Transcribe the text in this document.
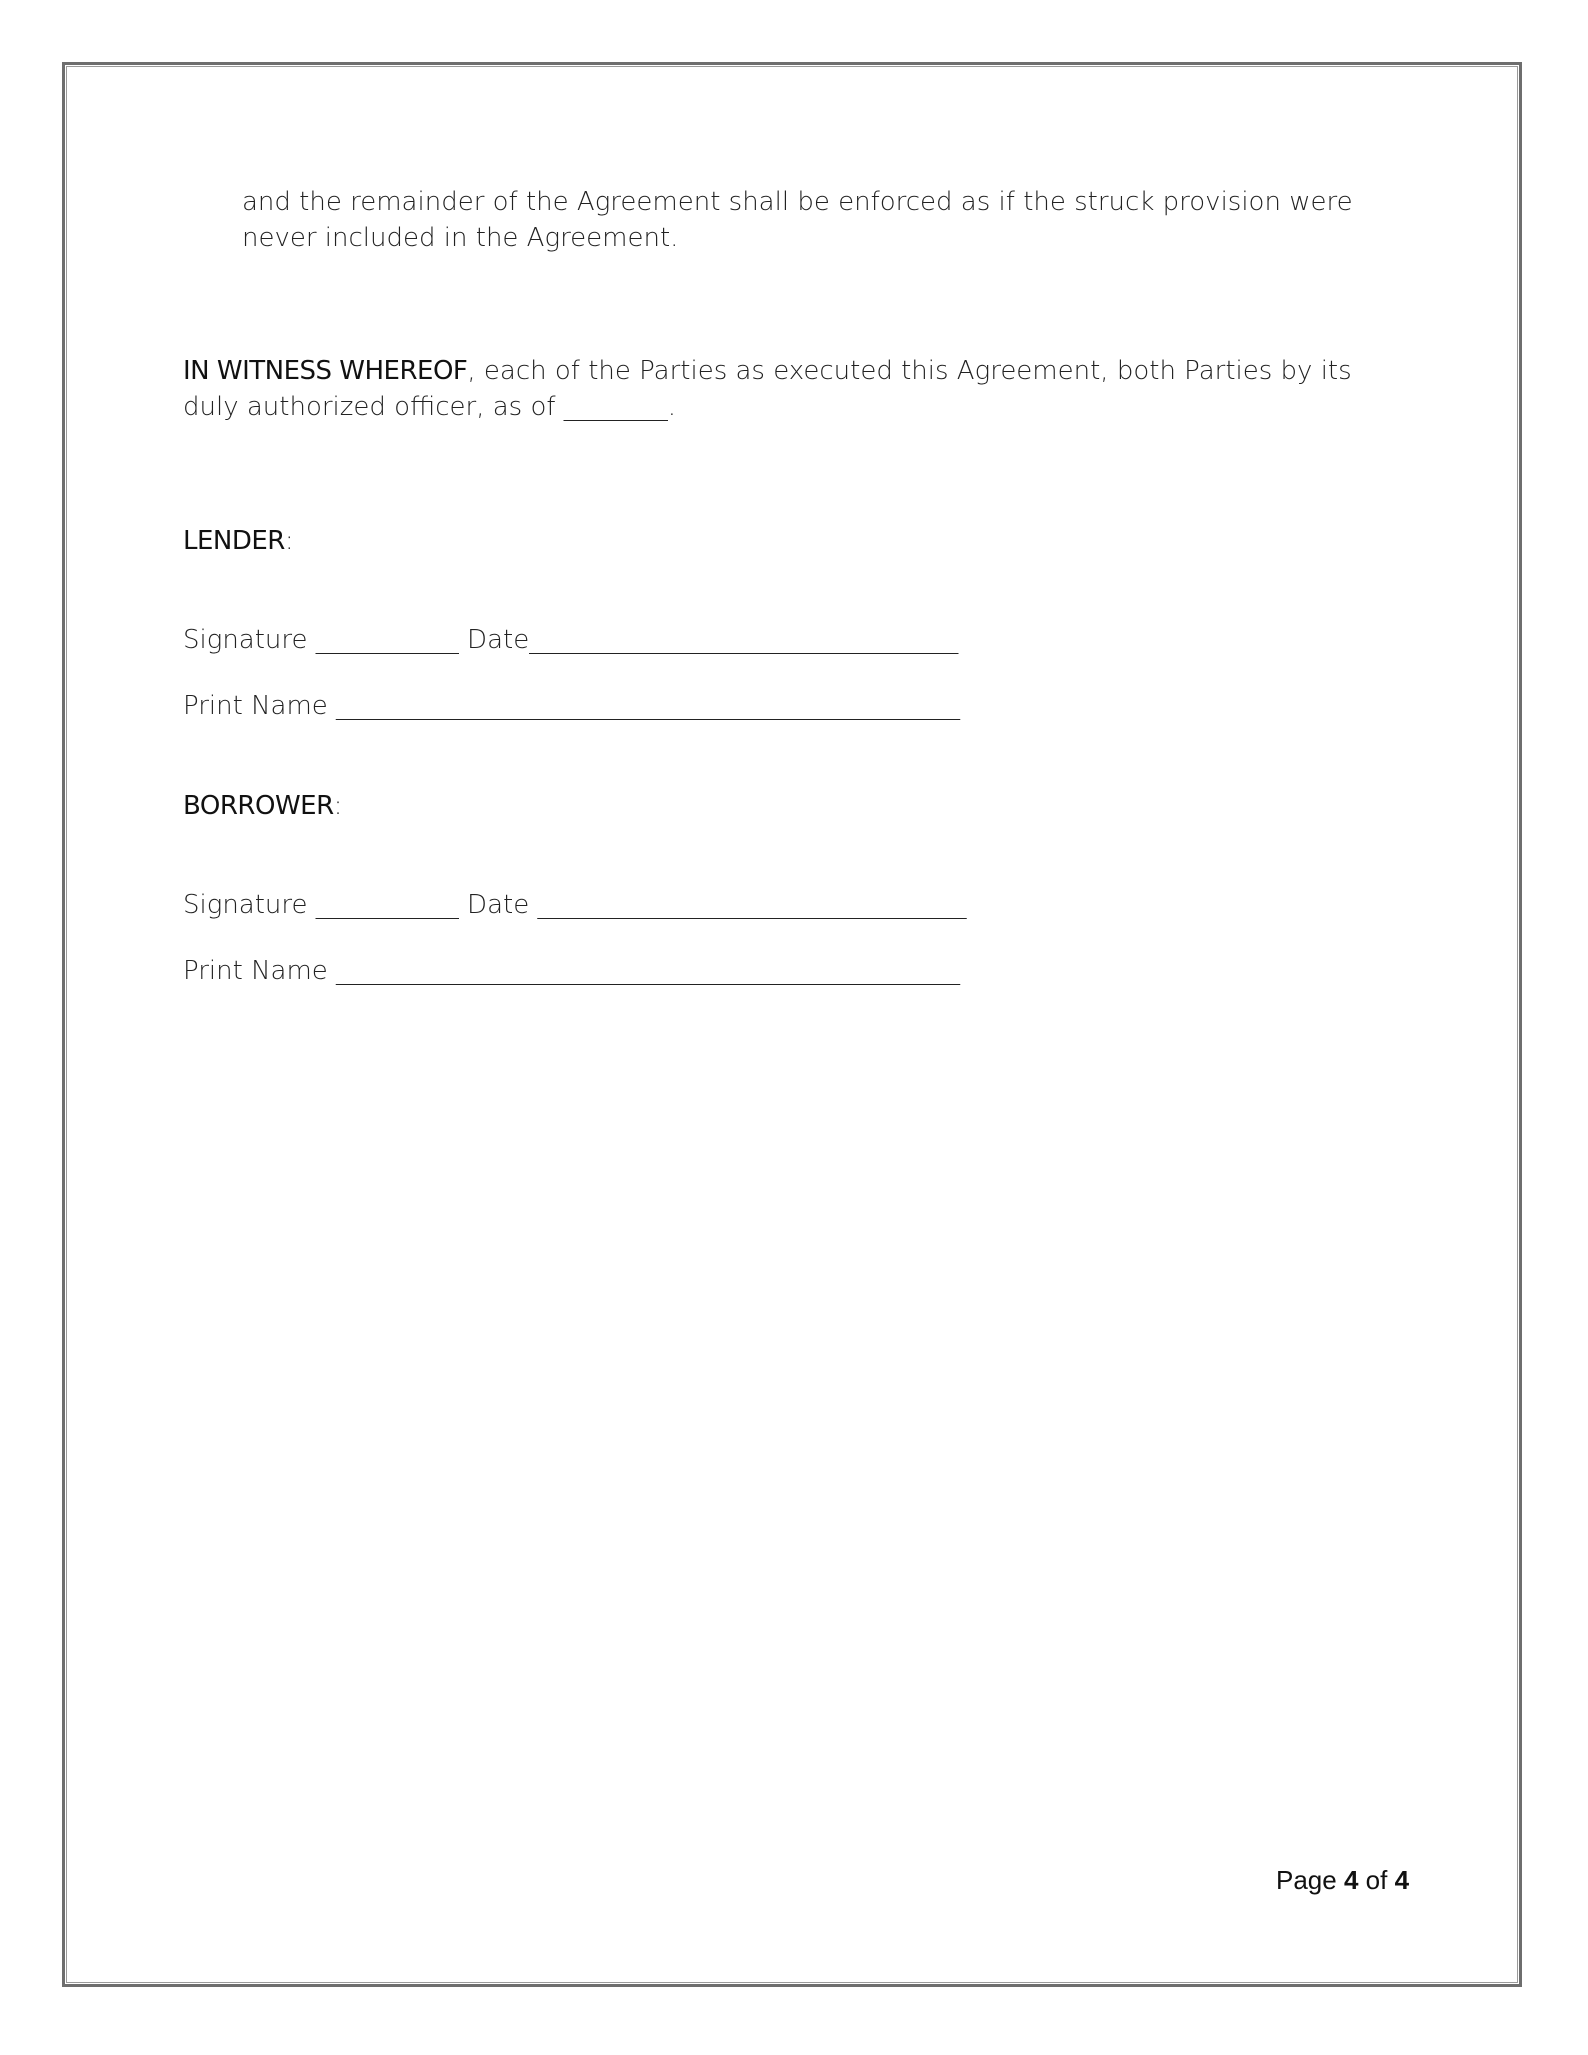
and the remainder of the Agreement shall be enforced as if the struck provision were
never included in the Agreement.
IN WITNESS WHEREOF, each of the Parties as executed this Agreement, both Parties by its
duly authorized officer, as of ________.
LENDER:
Signature ___________ Date_________________________________
Print Name ________________________________________________
BORROWER:
Signature ___________ Date _________________________________
Print Name ________________________________________________
Page 4 of 4
